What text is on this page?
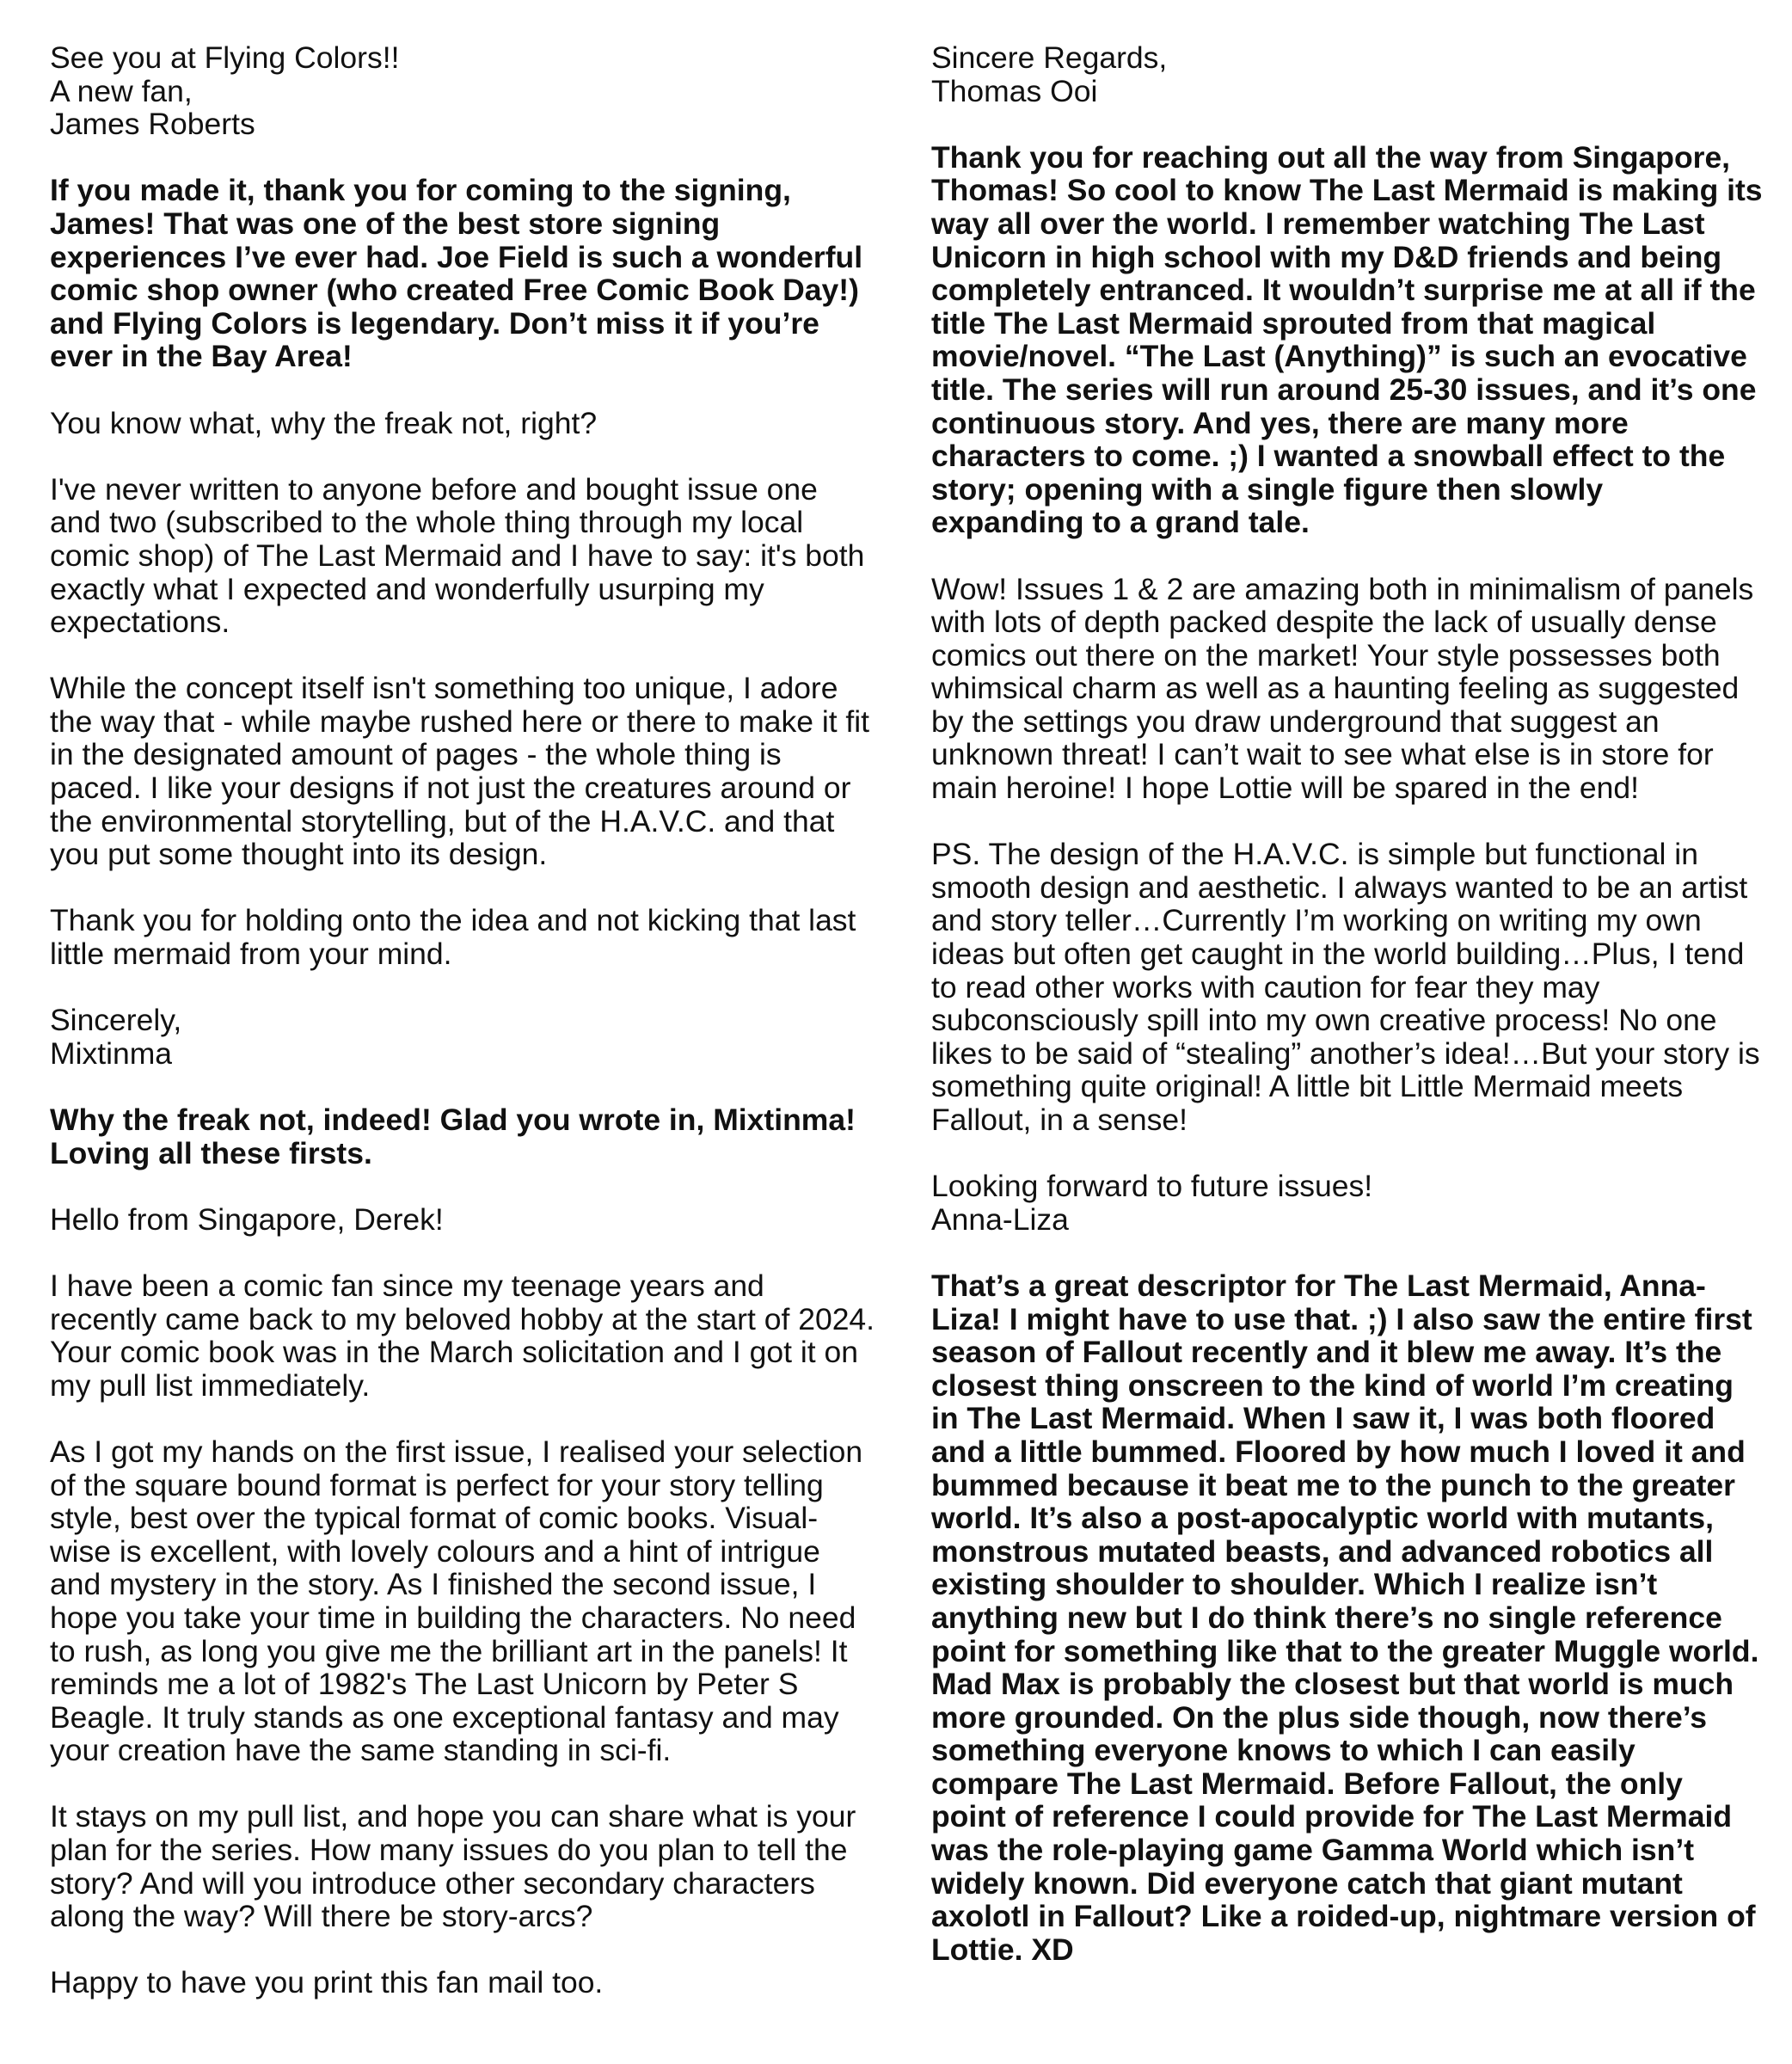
See you at Flying Colors!!
A new fan,
James Roberts

If you made it, thank you for coming to the signing, James! That was one of the best store signing experiences I’ve ever had. Joe Field is such a wonderful comic shop owner (who created Free Comic Book Day!) and Flying Colors is legendary. Don’t miss it if you’re ever in the Bay Area!

You know what, why the freak not, right?

I've never written to anyone before and bought issue one and two (subscribed to the whole thing through my local comic shop) of The Last Mermaid and I have to say: it's both exactly what I expected and wonderfully usurping my expectations.

While the concept itself isn't something too unique, I adore the way that - while maybe rushed here or there to make it fit in the designated amount of pages - the whole thing is paced. I like your designs if not just the creatures around or the environmental storytelling, but of the H.A.V.C. and that you put some thought into its design.

Thank you for holding onto the idea and not kicking that last little mermaid from your mind.

Sincerely,
Mixtinma

Why the freak not, indeed! Glad you wrote in, Mixtinma! Loving all these firsts.

Hello from Singapore, Derek!

I have been a comic fan since my teenage years and recently came back to my beloved hobby at the start of 2024. Your comic book was in the March solicitation and I got it on my pull list immediately.

As I got my hands on the first issue, I realised your selection of the square bound format is perfect for your story telling style, best over the typical format of comic books. Visual-wise is excellent, with lovely colours and a hint of intrigue and mystery in the story. As I finished the second issue, I hope you take your time in building the characters. No need to rush, as long you give me the brilliant art in the panels! It reminds me a lot of 1982's The Last Unicorn by Peter S Beagle. It truly stands as one exceptional fantasy and may your creation have the same standing in sci-fi.

It stays on my pull list, and hope you can share what is your plan for the series. How many issues do you plan to tell the story? And will you introduce other secondary characters along the way? Will there be story-arcs?

Happy to have you print this fan mail too.

Sincere Regards,
Thomas Ooi

Thank you for reaching out all the way from Singapore, Thomas! So cool to know The Last Mermaid is making its way all over the world. I remember watching The Last Unicorn in high school with my D&D friends and being completely entranced. It wouldn’t surprise me at all if the title The Last Mermaid sprouted from that magical movie/novel. “The Last (Anything)” is such an evocative title. The series will run around 25-30 issues, and it’s one continuous story. And yes, there are many more characters to come. ;) I wanted a snowball effect to the story; opening with a single figure then slowly expanding to a grand tale.

Wow! Issues 1 & 2 are amazing both in minimalism of panels with lots of depth packed despite the lack of usually dense comics out there on the market! Your style possesses both whimsical charm as well as a haunting feeling as suggested by the settings you draw underground that suggest an unknown threat! I can’t wait to see what else is in store for main heroine! I hope Lottie will be spared in the end!

PS. The design of the H.A.V.C. is simple but functional in smooth design and aesthetic. I always wanted to be an artist and story teller…Currently I’m working on writing my own ideas but often get caught in the world building…Plus, I tend to read other works with caution for fear they may subconsciously spill into my own creative process! No one likes to be said of “stealing” another’s idea!…But your story is something quite original! A little bit Little Mermaid meets Fallout, in a sense!

Looking forward to future issues!
Anna-Liza

That’s a great descriptor for The Last Mermaid, Anna-Liza! I might have to use that. ;) I also saw the entire first season of Fallout recently and it blew me away. It’s the closest thing onscreen to the kind of world I’m creating in The Last Mermaid. When I saw it, I was both floored and a little bummed. Floored by how much I loved it and bummed because it beat me to the punch to the greater world. It’s also a post-apocalyptic world with mutants, monstrous mutated beasts, and advanced robotics all existing shoulder to shoulder. Which I realize isn’t anything new but I do think there’s no single reference point for something like that to the greater Muggle world. Mad Max is probably the closest but that world is much more grounded. On the plus side though, now there’s something everyone knows to which I can easily compare The Last Mermaid. Before Fallout, the only point of reference I could provide for The Last Mermaid was the role-playing game Gamma World which isn’t widely known. Did everyone catch that giant mutant axolotl in Fallout? Like a roided-up, nightmare version of Lottie. XD
